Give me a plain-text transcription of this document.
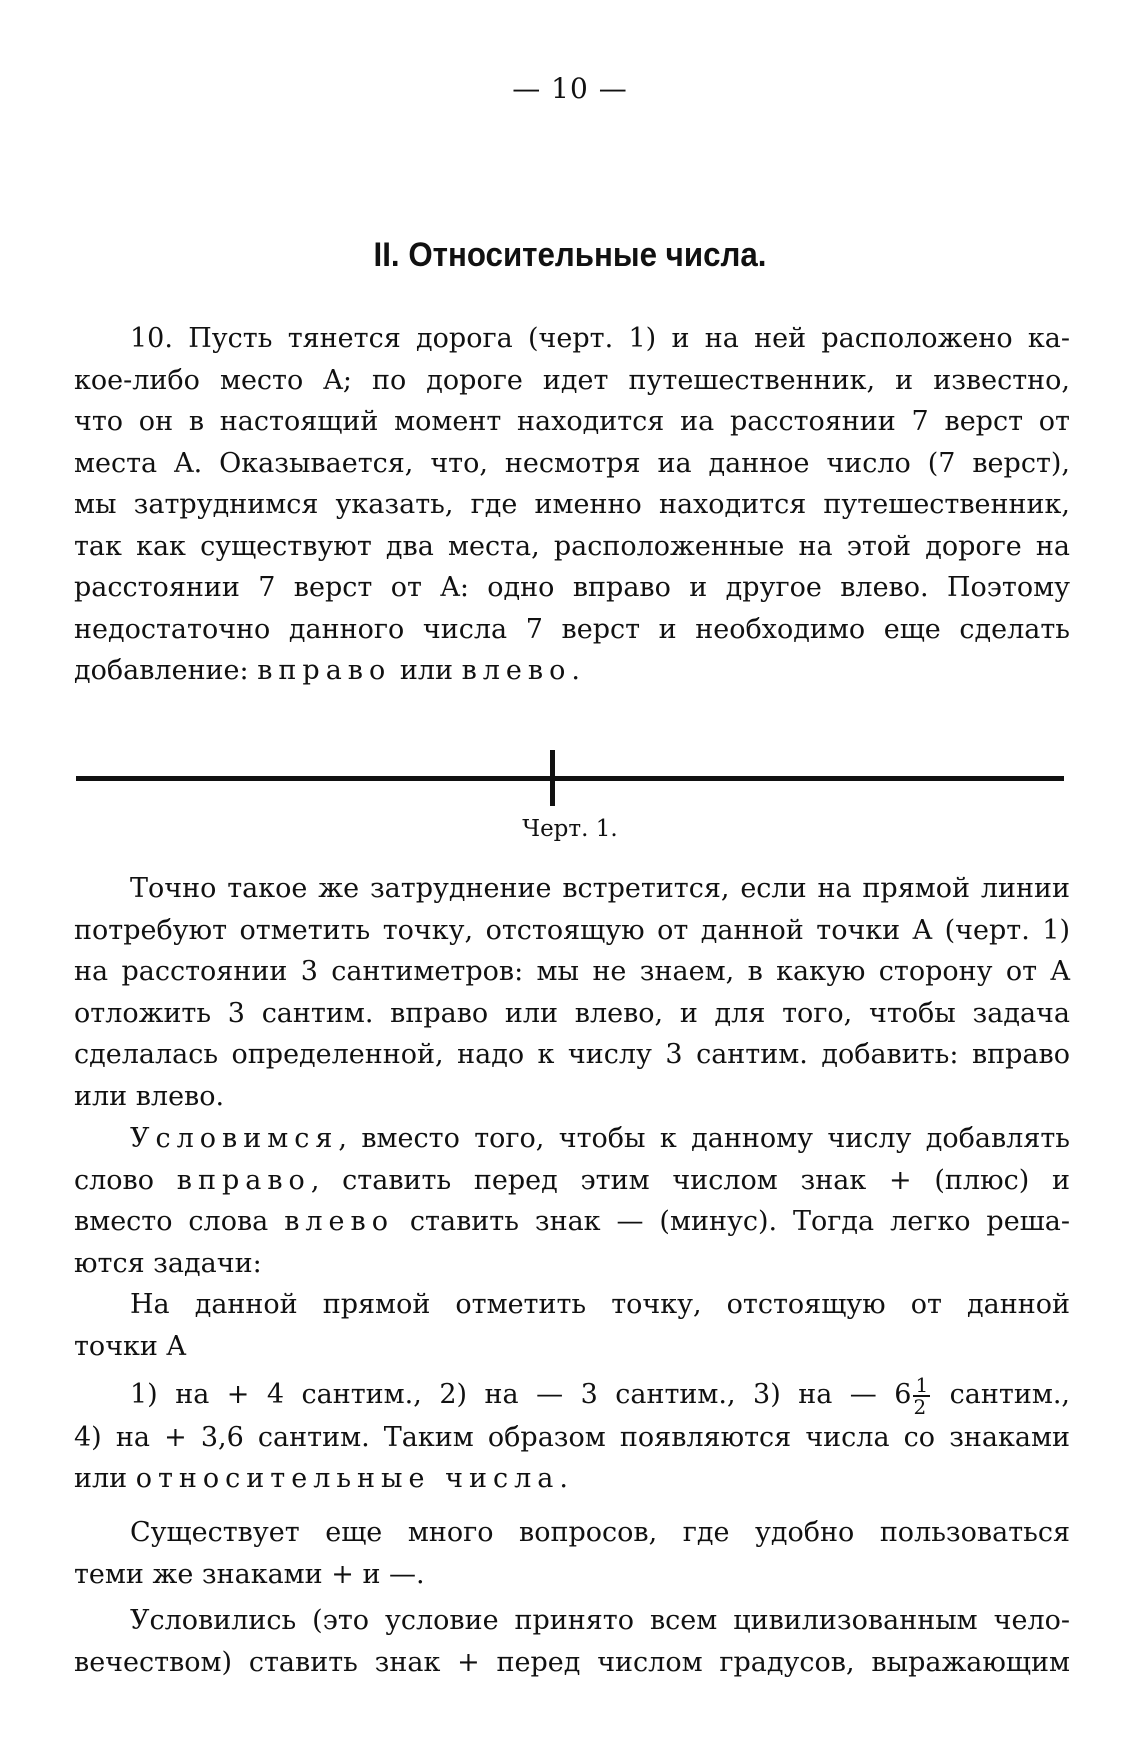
— 10 —
II. Относительные числа.
10. Пусть тянется дорога (черт. 1) и на ней расположено ка-
кое-либо место A; по дороге идет путешественник, и известно,
что он в настоящий момент находится иа расстоянии 7 верст от
места A. Оказывается, что, несмотря иа данное число (7 верст),
мы затруднимся указать, где именно находится путешественник,
так как существуют два места, расположенные на этой дороге на
расстоянии 7 верст от A: одно вправо и другое влево. Поэтому
недостаточно данного числа 7 верст и необходимо еще сделать
добавление: вправо или влево.
Черт. 1.
Точно такое же затруднение встретится, если на прямой линии
потребуют отметить точку, отстоящую от данной точки A (черт. 1)
на расстоянии 3 сантиметров: мы не знаем, в какую сторону от A
отложить 3 сантим. вправо или влево, и для того, чтобы задача
сделалась определенной, надо к числу 3 сантим. добавить: вправо
или влево.
Условимся, вместо того, чтобы к данному числу добавлять
слово вправо, ставить перед этим числом знак + (плюс) и
вместо слова влево ставить знак — (минус). Тогда легко реша-
ются задачи:
На данной прямой отметить точку, отстоящую от данной
точки A
1) на + 4 сантим., 2) на — 3 сантим., 3) на — $6 \frac{1}{2}$ сантим.,
4) на + 3,6 сантим. Таким образом появляются числа со знаками
или относительные числа.
Существует еще много вопросов, где удобно пользоваться
теми же знаками + и —.
Условились (это условие принято всем цивилизованным чело-
вечеством) ставить знак + перед числом градусов, выражающим
